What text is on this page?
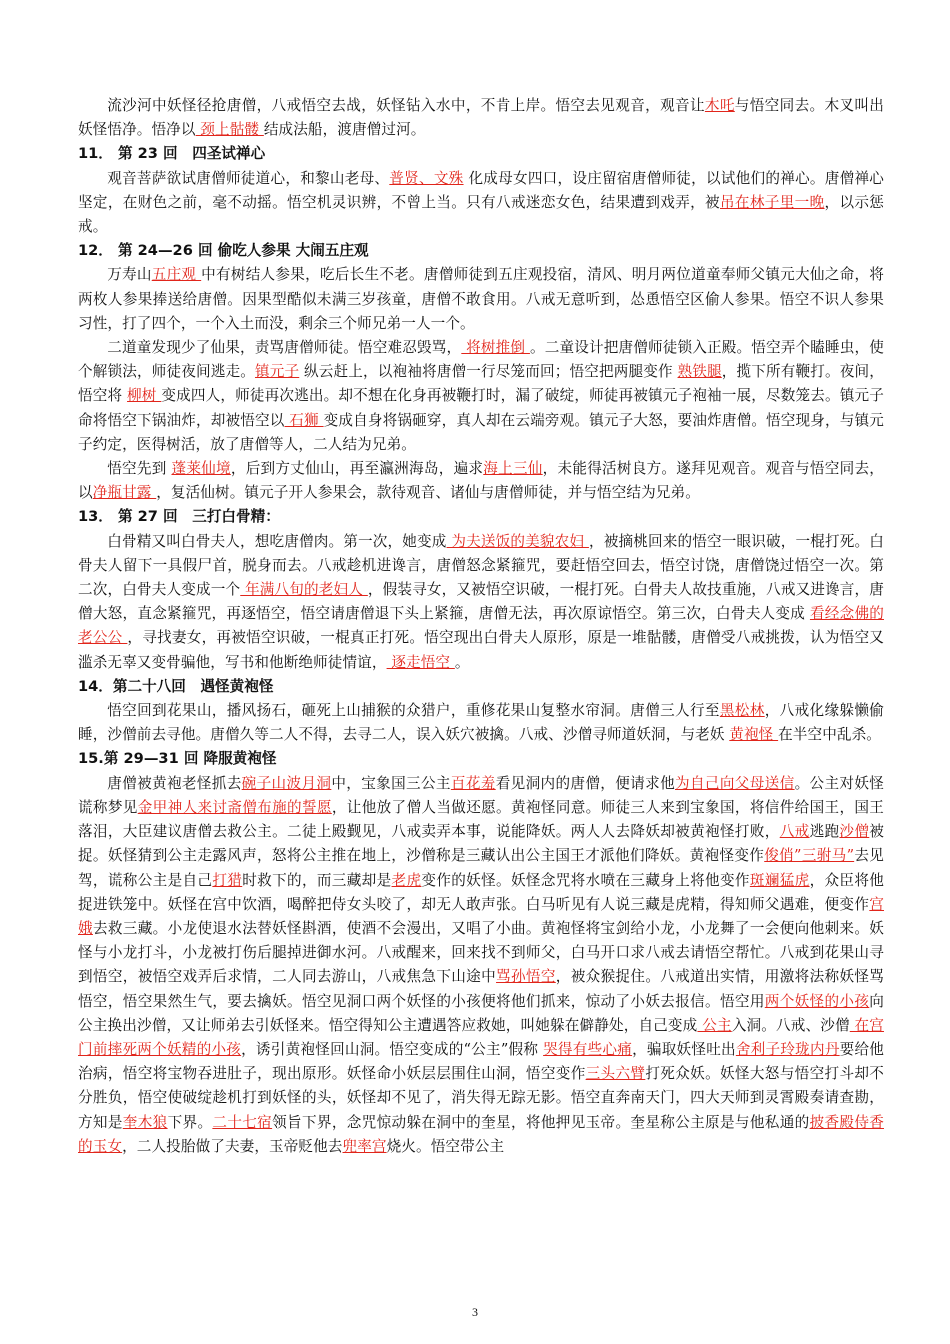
流沙河中妖怪径抢唐僧，八戒悟空去战，妖怪钻入水中，不肯上岸。悟空去见观音，观音让木吒与悟空同去。木叉叫出妖怪悟净。悟净以 颈上骷髅 结成法船，渡唐僧过河。

11． 第 23 回　四圣试禅心

观音菩萨欲试唐僧师徒道心，和黎山老母、普贤、文殊 化成母女四口，设庄留宿唐僧师徒，以试他们的禅心。唐僧禅心坚定，在财色之前，毫不动摇。悟空机灵识辨，不曾上当。只有八戒迷恋女色，结果遭到戏弄，被吊在林子里一晚，以示惩戒。

12． 第 24—26 回 偷吃人参果 大闹五庄观

万寿山五庄观 中有树结人参果，吃后长生不老。唐僧师徒到五庄观投宿，清风、明月两位道童奉师父镇元大仙之命，将两枚人参果捧送给唐僧。因果型酷似未满三岁孩童，唐僧不敢食用。八戒无意听到，怂恿悟空区偷人参果。悟空不识人参果习性，打了四个，一个入土而没，剩余三个师兄弟一人一个。

二道童发现少了仙果，责骂唐僧师徒。悟空难忍毁骂， 将树推倒 。二童设计把唐僧师徒锁入正殿。悟空弄个瞌睡虫，使个解锁法，师徒夜间逃走。镇元子 纵云赶上，以袍袖将唐僧一行尽笼而回；悟空把两腿变作 熟铁腿，揽下所有鞭打。夜间，悟空将 柳树 变成四人，师徒再次逃出。却不想在化身再被鞭打时，漏了破绽，师徒再被镇元子袍袖一展，尽数笼去。镇元子命将悟空下锅油炸，却被悟空以 石狮 变成自身将锅砸穿，真人却在云端旁观。镇元子大怒，要油炸唐僧。悟空现身，与镇元子约定，医得树活，放了唐僧等人，二人结为兄弟。

悟空先到 蓬莱仙境，后到方丈仙山，再至瀛洲海岛，遍求海上三仙，未能得活树良方。遂拜见观音。观音与悟空同去，以净瓶甘露 ，复活仙树。镇元子开人参果会，款待观音、诸仙与唐僧师徒，并与悟空结为兄弟。

13． 第 27 回　三打白骨精：

白骨精又叫白骨夫人，想吃唐僧肉。第一次，她变成 为夫送饭的美貌农妇 ，被摘桃回来的悟空一眼识破，一棍打死。白骨夫人留下一具假尸首，脱身而去。八戒趁机进谗言，唐僧怒念紧箍咒，要赶悟空回去，悟空讨饶，唐僧饶过悟空一次。第二次，白骨夫人变成一个 年满八旬的老妇人 ，假装寻女，又被悟空识破，一棍打死。白骨夫人故技重施，八戒又进谗言，唐僧大怒，直念紧箍咒，再逐悟空，悟空请唐僧退下头上紧箍，唐僧无法，再次原谅悟空。第三次，白骨夫人变成 看经念佛的老公公 ，寻找妻女，再被悟空识破，一棍真正打死。悟空现出白骨夫人原形，原是一堆骷髅，唐僧受八戒挑拨，认为悟空又滥杀无辜又变骨骗他，写书和他断绝师徒情谊， 逐走悟空 。

14．第二十八回　遇怪黄袍怪

悟空回到花果山，播风扬石，砸死上山捕猴的众猎户，重修花果山复整水帘洞。唐僧三人行至黑松林，八戒化缘躲懒偷睡，沙僧前去寻他。唐僧久等二人不得，去寻二人，误入妖穴被擒。八戒、沙僧寻师道妖洞，与老妖 黄袍怪 在半空中乱杀。

15.第 29—31 回 降服黄袍怪

唐僧被黄袍老怪抓去碗子山波月洞中，宝象国三公主百花羞看见洞内的唐僧，便请求他为自己向父母送信。公主对妖怪谎称梦见金甲神人来讨斋僧布施的誓愿，让他放了僧人当做还愿。黄袍怪同意。师徒三人来到宝象国，将信件给国王，国王落泪，大臣建议唐僧去救公主。二徒上殿觐见，八戒卖弄本事，说能降妖。两人人去降妖却被黄袍怪打败，八戒逃跑沙僧被捉。妖怪猜到公主走露风声，怒将公主推在地上，沙僧称是三藏认出公主国王才派他们降妖。黄袍怪变作俊俏”三驸马”去见驾，谎称公主是自己打猎时救下的，而三藏却是老虎变作的妖怪。妖怪念咒将水喷在三藏身上将他变作斑斓猛虎，众臣将他捉进铁笼中。妖怪在宫中饮酒，喝醉把侍女头咬了，却无人敢声张。白马听见有人说三藏是虎精，得知师父遇难，便变作宫娥去救三藏。小龙使退水法替妖怪斟酒，使酒不会漫出，又唱了小曲。黄袍怪将宝剑给小龙，小龙舞了一会便向他刺来。妖怪与小龙打斗，小龙被打伤后腿掉进御水河。八戒醒来，回来找不到师父，白马开口求八戒去请悟空帮忙。八戒到花果山寻到悟空，被悟空戏弄后求情，二人同去游山，八戒焦急下山途中骂孙悟空，被众猴捉住。八戒道出实情，用激将法称妖怪骂悟空，悟空果然生气，要去擒妖。悟空见洞口两个妖怪的小孩便将他们抓来，惊动了小妖去报信。悟空用两个妖怪的小孩向公主换出沙僧，又让师弟去引妖怪来。悟空得知公主遭遇答应救她，叫她躲在僻静处，自己变成 公主入洞。八戒、沙僧 在宫门前摔死两个妖精的小孩，诱引黄袍怪回山洞。悟空变成的“公主”假称 哭得有些心痛，骗取妖怪吐出舍利子玲珑内丹要给他治病，悟空将宝物吞进肚子，现出原形。妖怪命小妖层层围住山洞，悟空变作三头六臂打死众妖。妖怪大怒与悟空打斗却不分胜负，悟空使破绽趁机打到妖怪的头，妖怪却不见了，消失得无踪无影。悟空直奔南天门，四大天师到灵霄殿奏请查勘，方知是奎木狼下界。二十七宿领旨下界，念咒惊动躲在洞中的奎星，将他押见玉帝。奎星称公主原是与他私通的披香殿侍香的玉女，二人投胎做了夫妻，玉帝贬他去兜率宫烧火。悟空带公主

3
